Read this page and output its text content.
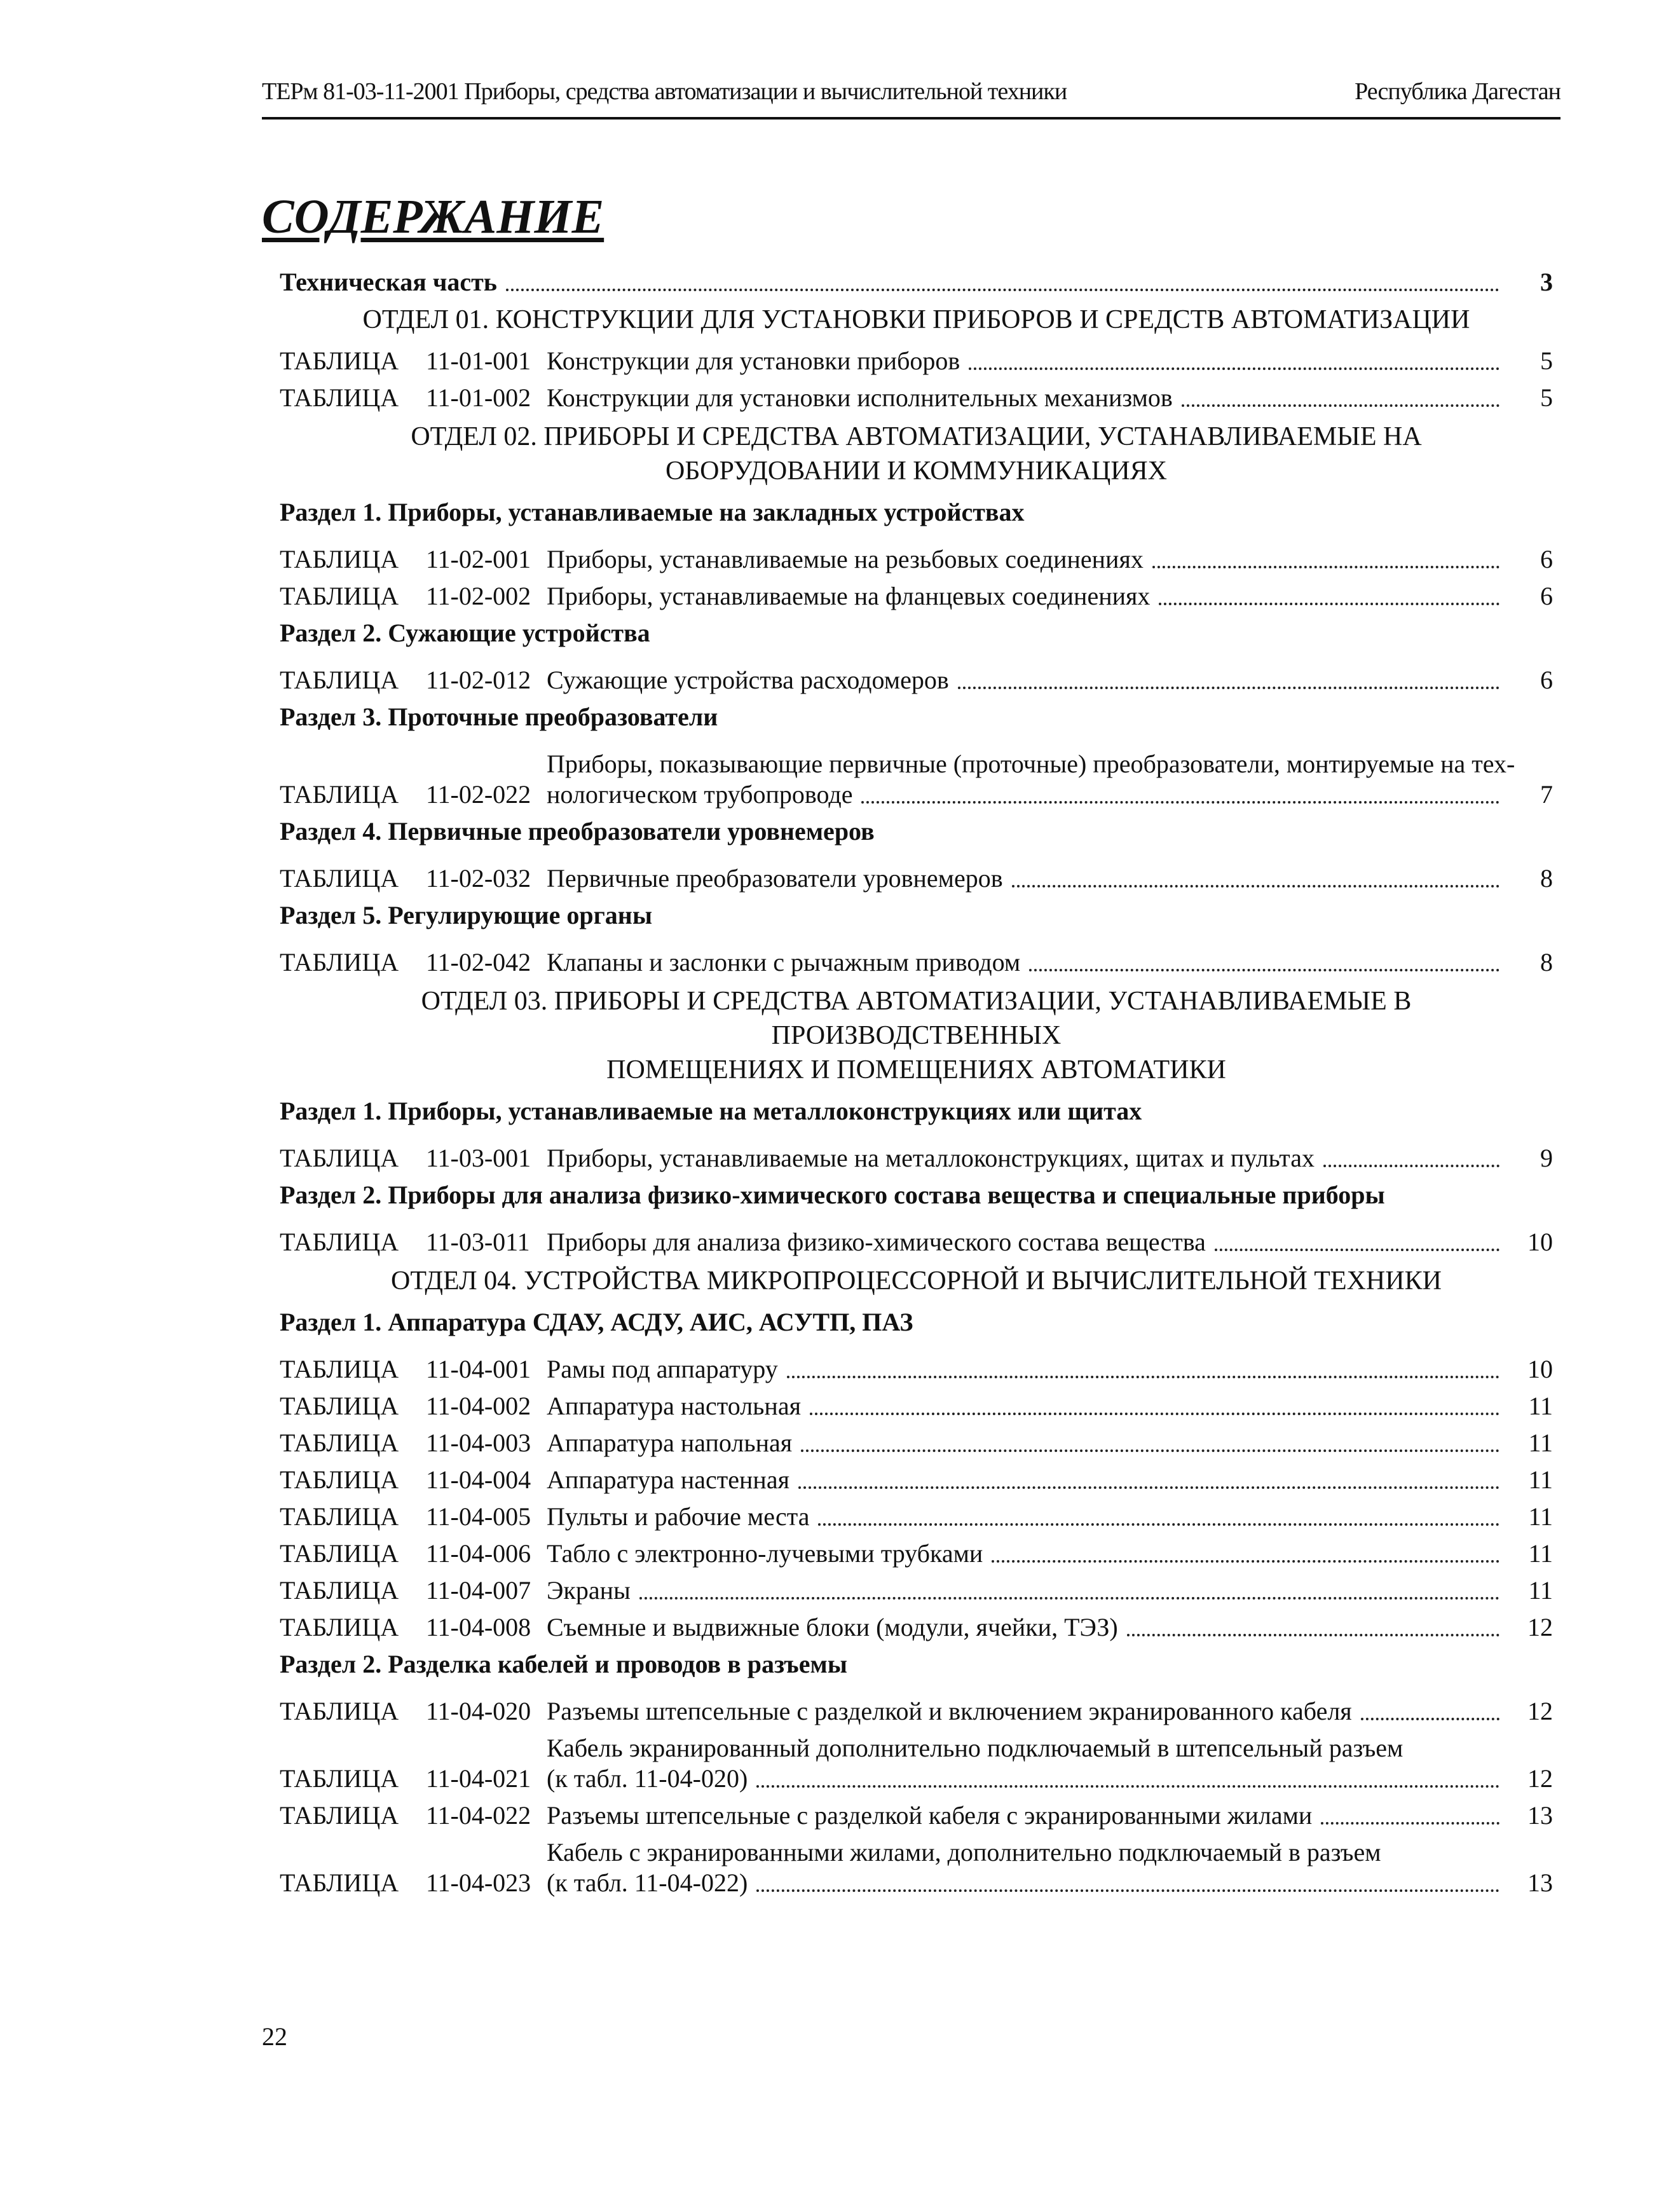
ТЕРм 81-03-11-2001 Приборы, средства автоматизации и вычислительной техники	Республика Дагестан
СОДЕРЖАНИЕ
Техническая часть	3
ОТДЕЛ 01. КОНСТРУКЦИИ ДЛЯ УСТАНОВКИ ПРИБОРОВ И СРЕДСТВ АВТОМАТИЗАЦИИ
ТАБЛИЦА	11-01-001 Конструкции для установки приборов	5
ТАБЛИЦА	11-01-002 Конструкции для установки исполнительных механизмов	5
ОТДЕЛ 02. ПРИБОРЫ И СРЕДСТВА АВТОМАТИЗАЦИИ, УСТАНАВЛИВАЕМЫЕ НА
ОБОРУДОВАНИИ И КОММУНИКАЦИЯХ
Раздел 1. Приборы, устанавливаемые на закладных устройствах
ТАБЛИЦА	11-02-001 Приборы, устанавливаемые на резьбовых соединениях	6
ТАБЛИЦА	11-02-002 Приборы, устанавливаемые на фланцевых соединениях	6
Раздел 2. Сужающие устройства
ТАБЛИЦА	11-02-012 Сужающие устройства расходомеров	6
Раздел 3. Проточные преобразователи
ТАБЛИЦА	11-02-022
Приборы, показывающие первичные (проточные) преобразователи, монтируемые на тех-
нологическом трубопроводе	7
Раздел 4. Первичные преобразователи уровнемеров
ТАБЛИЦА	11-02-032 Первичные преобразователи уровнемеров	8
Раздел 5. Регулирующие органы
ТАБЛИЦА	11-02-042 Клапаны и заслонки с рычажным приводом	8
ОТДЕЛ 03. ПРИБОРЫ И СРЕДСТВА АВТОМАТИЗАЦИИ, УСТАНАВЛИВАЕМЫЕ В ПРОИЗВОДСТВЕННЫХ
ПОМЕЩЕНИЯХ И ПОМЕЩЕНИЯХ АВТОМАТИКИ
Раздел 1. Приборы, устанавливаемые на металлоконструкциях или щитах
ТАБЛИЦА	11-03-001 Приборы, устанавливаемые на металлоконструкциях, щитах и пультах	9
Раздел 2. Приборы для анализа физико-химического состава вещества и специальные приборы
ТАБЛИЦА	11-03-011 Приборы для анализа физико-химического состава вещества	10
ОТДЕЛ 04. УСТРОЙСТВА МИКРОПРОЦЕССОРНОЙ И ВЫЧИСЛИТЕЛЬНОЙ ТЕХНИКИ
Раздел 1. Аппаратура СДАУ, АСДУ, АИС, АСУТП, ПАЗ
ТАБЛИЦА	11-04-001 Рамы под аппаратуру	10
ТАБЛИЦА	11-04-002 Аппаратура настольная	11
ТАБЛИЦА	11-04-003 Аппаратура напольная	11
ТАБЛИЦА	11-04-004 Аппаратура настенная	11
ТАБЛИЦА	11-04-005 Пульты и рабочие места	11
ТАБЛИЦА	11-04-006 Табло с электронно-лучевыми трубками	11
ТАБЛИЦА	11-04-007 Экраны	11
ТАБЛИЦА	11-04-008 Съемные и выдвижные блоки (модули, ячейки, ТЭЗ)	12
Раздел 2. Разделка кабелей и проводов в разъемы
ТАБЛИЦА	11-04-020 Разъемы штепсельные с разделкой и включением экранированного кабеля	12
ТАБЛИЦА	11-04-021
Кабель экранированный дополнительно подключаемый в штепсельный разъем
(к табл. 11-04-020)	12
ТАБЛИЦА	11-04-022 Разъемы штепсельные с разделкой кабеля с экранированными жилами	13
ТАБЛИЦА	11-04-023
Кабель с экранированными жилами, дополнительно подключаемый в разъем
(к табл. 11-04-022)	13
22
